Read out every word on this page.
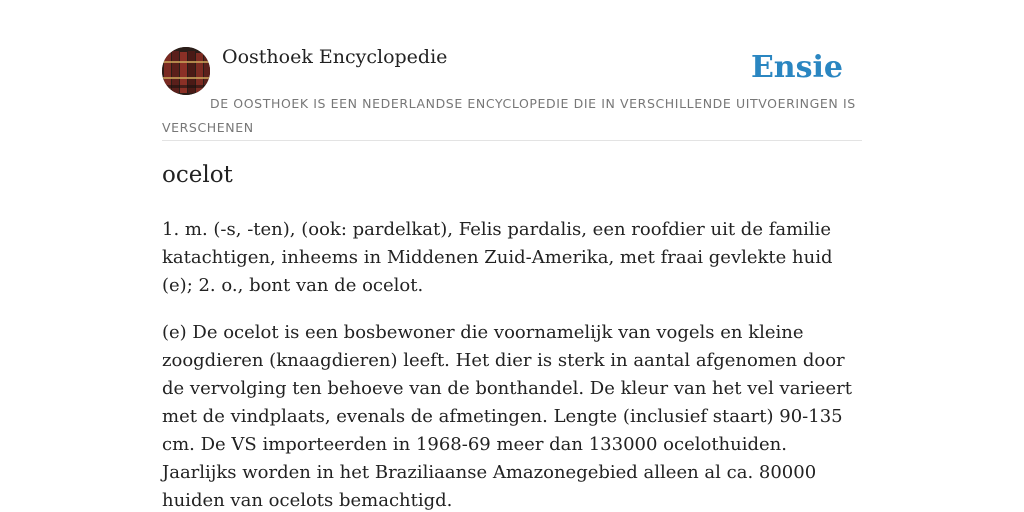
Oosthoek Encyclopedie	Ensie
DE OOSTHOEK IS EEN NEDERLANDSE ENCYCLOPEDIE DIE IN VERSCHILLENDE UITVOERINGEN IS VERSCHENEN
ocelot

1. m. (-s, -ten), (ook: pardelkat), Felis pardalis, een roofdier uit de familie katachtigen, inheems in Middenen Zuid-Amerika, met fraai gevlekte huid (e); 2. o., bont van de ocelot.

(e) De ocelot is een bosbewoner die voornamelijk van vogels en kleine zoogdieren (knaagdieren) leeft. Het dier is sterk in aantal afgenomen door de vervolging ten behoeve van de bonthandel. De kleur van het vel varieert met de vindplaats, evenals de afmetingen. Lengte (inclusief staart) 90-135 cm. De VS importeerden in 1968-69 meer dan 133000 ocelothuiden. Jaarlijks worden in het Braziliaanse Amazonegebied alleen al ca. 80000 huiden van ocelots bemachtigd.
